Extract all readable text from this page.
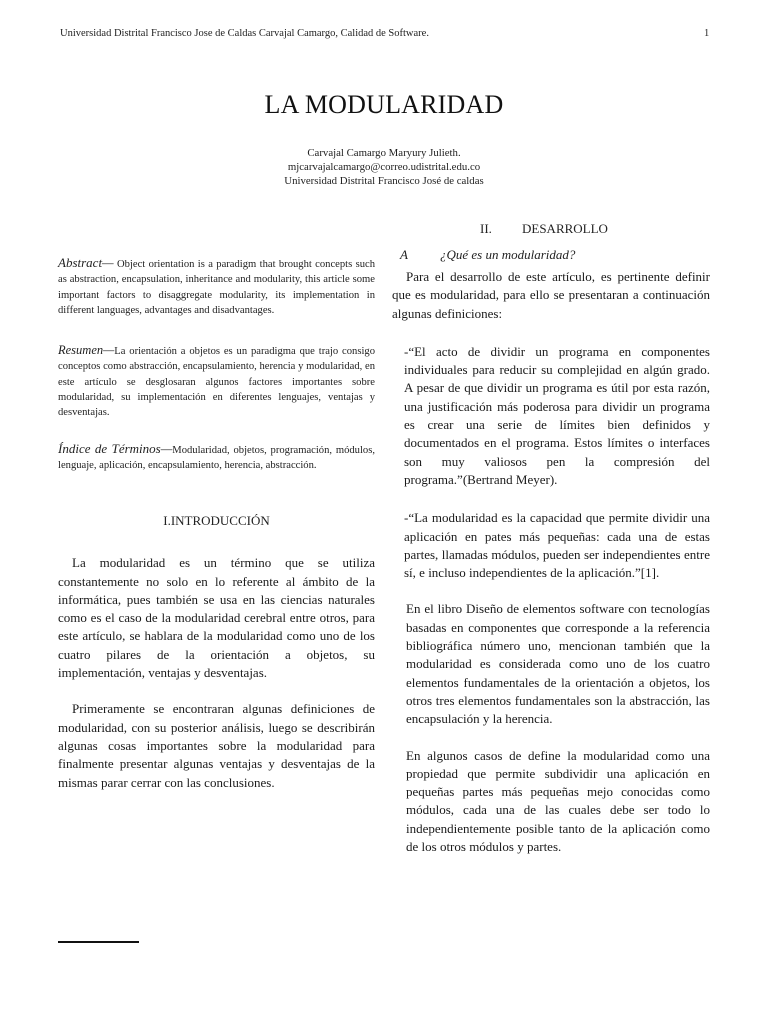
Universidad Distrital Francisco Jose de Caldas Carvajal Camargo, Calidad de Software.	1
LA MODULARIDAD
Carvajal Camargo Maryury Julieth.
mjcarvajalcamargo@correo.udistrital.edu.co
Universidad Distrital Francisco José de caldas

Abstract— Object orientation is a paradigm that brought concepts such as abstraction, encapsulation, inheritance and modularity, this article some important factors to disaggregate modularity, its implementation in different languages, advantages and disadvantages.

Resumen—La orientación a objetos es un paradigma que trajo consigo conceptos como abstracción, encapsulamiento, herencia y modularidad, en este artículo se desglosaran algunos factores importantes sobre modularidad, su implementación en diferentes lenguajes, ventajas y desventajas.

Índice de Términos—Modularidad, objetos, programación, módulos, lenguaje, aplicación, encapsulamiento, herencia, abstracción.

I.INTRODUCCIÓN

La modularidad es un término que se utiliza constantemente no solo en lo referente al ámbito de la informática, pues también se usa en las ciencias naturales como es el caso de la modularidad cerebral entre otros, para este artículo, se hablara de la modularidad como uno de los cuatro pilares de la orientación a objetos, su implementación, ventajas y desventajas.

Primeramente se encontraran algunas definiciones de modularidad, con su posterior análisis, luego se describirán algunas cosas importantes sobre la modularidad para finalmente presentar algunas ventajas y desventajas de la mismas parar cerrar con las conclusiones.

II. DESARROLLO

A ¿Qué es un modularidad?

Para el desarrollo de este artículo, es pertinente definir que es modularidad, para ello se presentaran a continuación algunas definiciones:

-“El acto de dividir un programa en componentes individuales para reducir su complejidad en algún grado. A pesar de que dividir un programa es útil por esta razón, una justificación más poderosa para dividir un programa es crear una serie de límites bien definidos y documentados en el programa. Estos límites o interfaces son muy valiosos pen la compresión del programa.”(Bertrand Meyer).

-“La modularidad es la capacidad que permite dividir una aplicación en pates más pequeñas: cada una de estas partes, llamadas módulos, pueden ser independientes entre sí, e incluso independientes de la aplicación.”[1].

En el libro Diseño de elementos software con tecnologías basadas en componentes que corresponde a la referencia bibliográfica número uno, mencionan también que la modularidad es considerada como uno de los cuatro elementos fundamentales de la orientación a objetos, los otros tres elementos fundamentales son la abstracción, las encapsulación y la herencia.

En algunos casos de define la modularidad como una propiedad que permite subdividir una aplicación en pequeñas partes más pequeñas mejo conocidas como módulos, cada una de las cuales debe ser todo lo independientemente posible tanto de la aplicación como de los otros módulos y partes.
